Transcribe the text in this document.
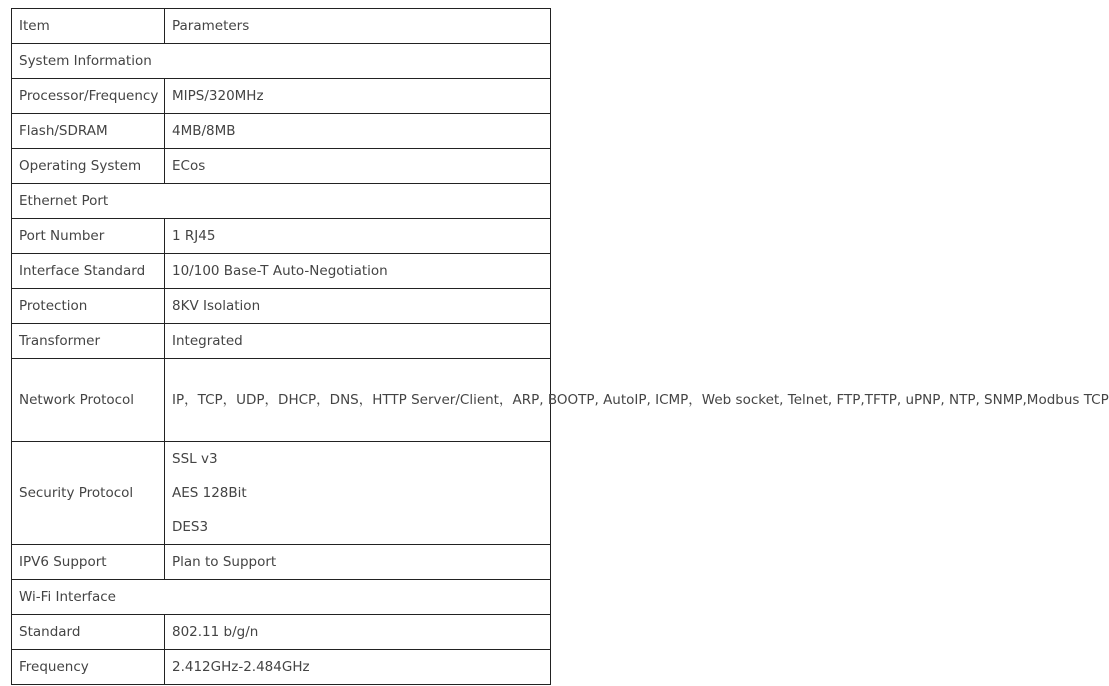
Item	Parameters
System Information	
Processor/Frequency	MIPS/320MHz
Flash/SDRAM	4MB/8MB
Operating System	ECos
Ethernet Port	
Port Number	1 RJ45
Interface Standard	10/100 Base-T Auto-Negotiation
Protection	8KV Isolation
Transformer	Integrated
Network Protocol	IP，TCP，UDP，DHCP，DNS，HTTP Server/Client，ARP, BOOTP, AutoIP, ICMP，Web socket, Telnet, FTP,TFTP, uPNP, NTP, SNMP,Modbus TCP
Security Protocol	SSL v3
AES 128Bit
DES3

IPV6 Support	Plan to Support
Wi-Fi Interface	
Standard	802.11 b/g/n
Frequency	2.412GHz-2.484GHz
